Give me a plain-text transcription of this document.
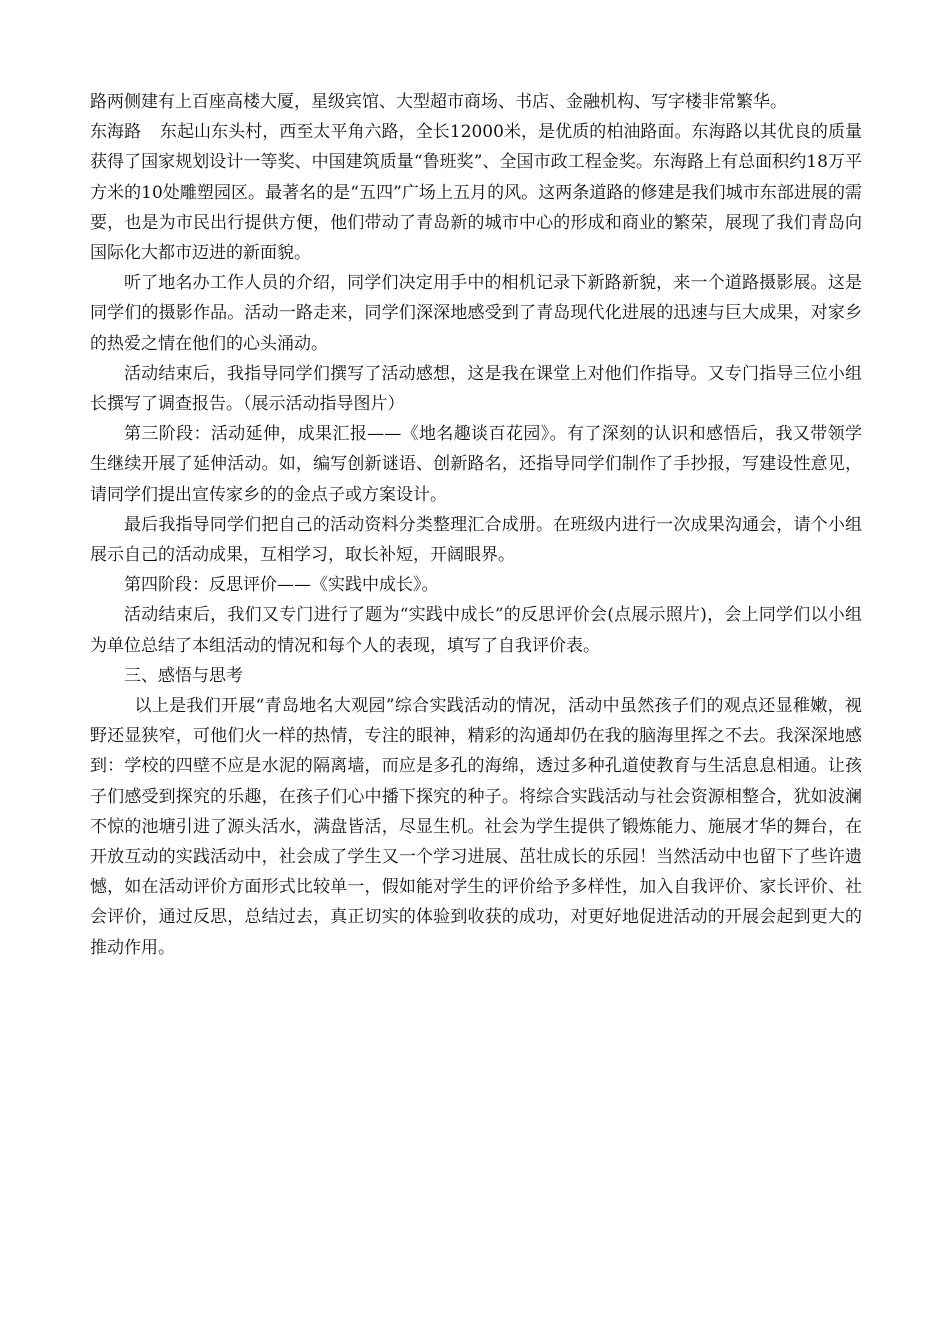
路两侧建有上百座高楼大厦，星级宾馆、大型超市商场、书店、金融机构、写字楼非常繁华。

东海路 东起山东头村，西至太平角六路，全长12000米，是优质的柏油路面。东海路以其优良的质量获得了国家规划设计一等奖、中国建筑质量“鲁班奖”、全国市政工程金奖。东海路上有总面积约18万平方米的10处雕塑园区。最著名的是“五四”广场上五月的风。这两条道路的修建是我们城市东部进展的需要，也是为市民出行提供方便，他们带动了青岛新的城市中心的形成和商业的繁荣，展现了我们青岛向国际化大都市迈进的新面貌。

听了地名办工作人员的介绍，同学们决定用手中的相机记录下新路新貌，来一个道路摄影展。这是同学们的摄影作品。活动一路走来，同学们深深地感受到了青岛现代化进展的迅速与巨大成果，对家乡的热爱之情在他们的心头涌动。

活动结束后，我指导同学们撰写了活动感想，这是我在课堂上对他们作指导。又专门指导三位小组长撰写了调查报告。（展示活动指导图片）

第三阶段：活动延伸，成果汇报——《地名趣谈百花园》。有了深刻的认识和感悟后，我又带领学生继续开展了延伸活动。如，编写创新谜语、创新路名，还指导同学们制作了手抄报，写建设性意见，请同学们提出宣传家乡的的金点子或方案设计。

最后我指导同学们把自己的活动资料分类整理汇合成册。在班级内进行一次成果沟通会，请个小组展示自己的活动成果，互相学习，取长补短，开阔眼界。

第四阶段：反思评价——《实践中成长》。

活动结束后，我们又专门进行了题为“实践中成长”的反思评价会(点展示照片)，会上同学们以小组为单位总结了本组活动的情况和每个人的表现，填写了自我评价表。

三、感悟与思考

以上是我们开展“青岛地名大观园”综合实践活动的情况，活动中虽然孩子们的观点还显稚嫩，视野还显狭窄，可他们火一样的热情，专注的眼神，精彩的沟通却仍在我的脑海里挥之不去。我深深地感到：学校的四壁不应是水泥的隔离墙，而应是多孔的海绵，透过多种孔道使教育与生活息息相通。让孩子们感受到探究的乐趣，在孩子们心中播下探究的种子。将综合实践活动与社会资源相整合，犹如波澜不惊的池塘引进了源头活水，满盘皆活，尽显生机。社会为学生提供了锻炼能力、施展才华的舞台，在开放互动的实践活动中，社会成了学生又一个学习进展、茁壮成长的乐园！当然活动中也留下了些许遗憾，如在活动评价方面形式比较单一，假如能对学生的评价给予多样性，加入自我评价、家长评价、社会评价，通过反思，总结过去，真正切实的体验到收获的成功，对更好地促进活动的开展会起到更大的推动作用。
